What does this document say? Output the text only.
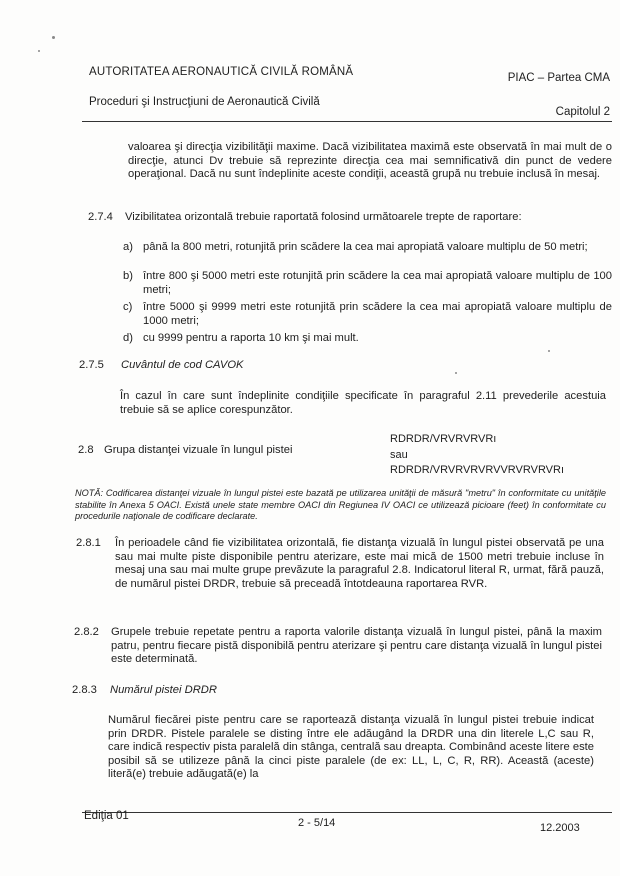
AUTORITATEA AERONAUTICĂ CIVILĂ ROMÂNĂ
Proceduri şi Instrucţiuni de Aeronautică Civilă
PIAC – Partea CMA
Capitolul 2
valoarea şi direcţia vizibilităţii maxime. Dacă vizibilitatea maximă este observată în mai mult de o direcţie, atunci Dv trebuie să reprezinte direcţia cea mai semnificativă din punct de vedere operaţional. Dacă nu sunt îndeplinite aceste condiţii, această grupă nu trebuie inclusă în mesaj.
2.7.4 Vizibilitatea orizontală trebuie raportată folosind următoarele trepte de raportare:
a) până la 800 metri, rotunjită prin scădere la cea mai apropiată valoare multiplu de 50 metri;
b) între 800 şi 5000 metri este rotunjită prin scădere la cea mai apropiată valoare multiplu de 100 metri;
c) între 5000 şi 9999 metri este rotunjită prin scădere la cea mai apropiată valoare multiplu de 1000 metri;
d) cu 9999 pentru a raporta 10 km şi mai mult.
2.7.5 Cuvântul de cod CAVOK
În cazul în care sunt îndeplinite condiţiile specificate în paragraful 2.11 prevederile acestuia trebuie să se aplice corespunzător.
2.8 Grupa distanţei vizuale în lungul pistei
RDRDR/VRVRVRVRı
sau
RDRDR/VRVRVRVRVVRVRVRVRı
NOTĂ: Codificarea distanţei vizuale în lungul pistei este bazată pe utilizarea unităţii de măsură "metru" în conformitate cu unităţile stabilite în Anexa 5 OACI. Există unele state membre OACI din Regiunea IV OACI ce utilizează picioare (feet) în conformitate cu procedurile naţionale de codificare declarate.
2.8.1 În perioadele când fie vizibilitatea orizontală, fie distanţa vizuală în lungul pistei observată pe una sau mai multe piste disponibile pentru aterizare, este mai mică de 1500 metri trebuie incluse în mesaj una sau mai multe grupe prevăzute la paragraful 2.8. Indicatorul literal R, urmat, fără pauză, de numărul pistei DRDR, trebuie să preceadă întotdeauna raportarea RVR.
2.8.2 Grupele trebuie repetate pentru a raporta valorile distanţa vizuală în lungul pistei, până la maxim patru, pentru fiecare pistă disponibilă pentru aterizare şi pentru care distanţa vizuală în lungul pistei este determinată.
2.8.3 Numărul pistei DRDR
Numărul fiecărei piste pentru care se raportează distanţa vizuală în lungul pistei trebuie indicat prin DRDR. Pistele paralele se disting între ele adăugând la DRDR una din literele L,C sau R, care indică respectiv pista paralelă din stânga, centrală sau dreapta. Combinând aceste litere este posibil să se utilizeze până la cinci piste paralele (de ex: LL, L, C, R, RR). Această (aceste) literă(e) trebuie adăugată(e) la
Ediţia 01
2 - 5/14	12.2003
